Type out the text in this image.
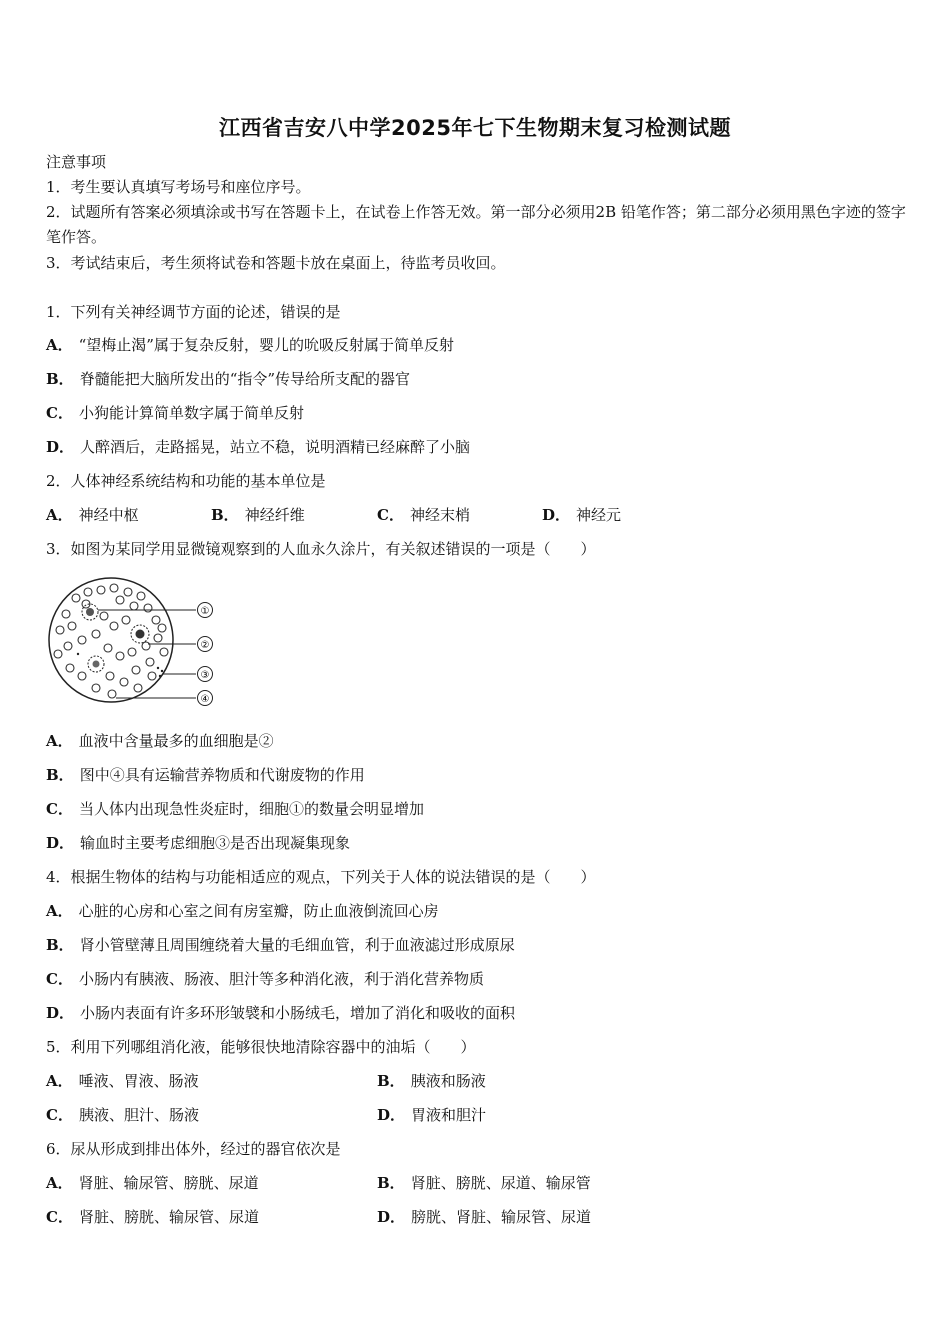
江西省吉安八中学2025年七下生物期末复习检测试题
注意事项
1．考生要认真填写考场号和座位序号。
2．试题所有答案必须填涂或书写在答题卡上，在试卷上作答无效。第一部分必须用2B 铅笔作答；第二部分必须用黑色字迹的签字笔作答。
3．考试结束后，考生须将试卷和答题卡放在桌面上，待监考员收回。
1．下列有关神经调节方面的论述，错误的是
A． “望梅止渴”属于复杂反射，婴儿的吮吸反射属于简单反射
B． 脊髓能把大脑所发出的“指令”传导给所支配的器官
C． 小狗能计算简单数字属于简单反射
D． 人醉酒后，走路摇晃，站立不稳，说明酒精已经麻醉了小脑
2．人体神经系统结构和功能的基本单位是
A． 神经中枢	B． 神经纤维	C． 神经末梢	D． 神经元
3．如图为某同学用显微镜观察到的人血永久涂片，有关叙述错误的一项是（　　）
①
②
③
④
A． 血液中含量最多的血细胞是②
B． 图中④具有运输营养物质和代谢废物的作用
C． 当人体内出现急性炎症时，细胞①的数量会明显增加
D． 输血时主要考虑细胞③是否出现凝集现象
4．根据生物体的结构与功能相适应的观点，下列关于人体的说法错误的是（　　）
A． 心脏的心房和心室之间有房室瓣，防止血液倒流回心房
B． 肾小管壁薄且周围缠绕着大量的毛细血管，利于血液滤过形成原尿
C． 小肠内有胰液、肠液、胆汁等多种消化液，利于消化营养物质
D． 小肠内表面有许多环形皱襞和小肠绒毛，增加了消化和吸收的面积
5．利用下列哪组消化液，能够很快地清除容器中的油垢（　　）
A． 唾液、胃液、肠液	B． 胰液和肠液
C． 胰液、胆汁、肠液	D． 胃液和胆汁
6．尿从形成到排出体外，经过的器官依次是
A． 肾脏、输尿管、膀胱、尿道	B． 肾脏、膀胱、尿道、输尿管
C． 肾脏、膀胱、输尿管、尿道	D． 膀胱、肾脏、输尿管、尿道
